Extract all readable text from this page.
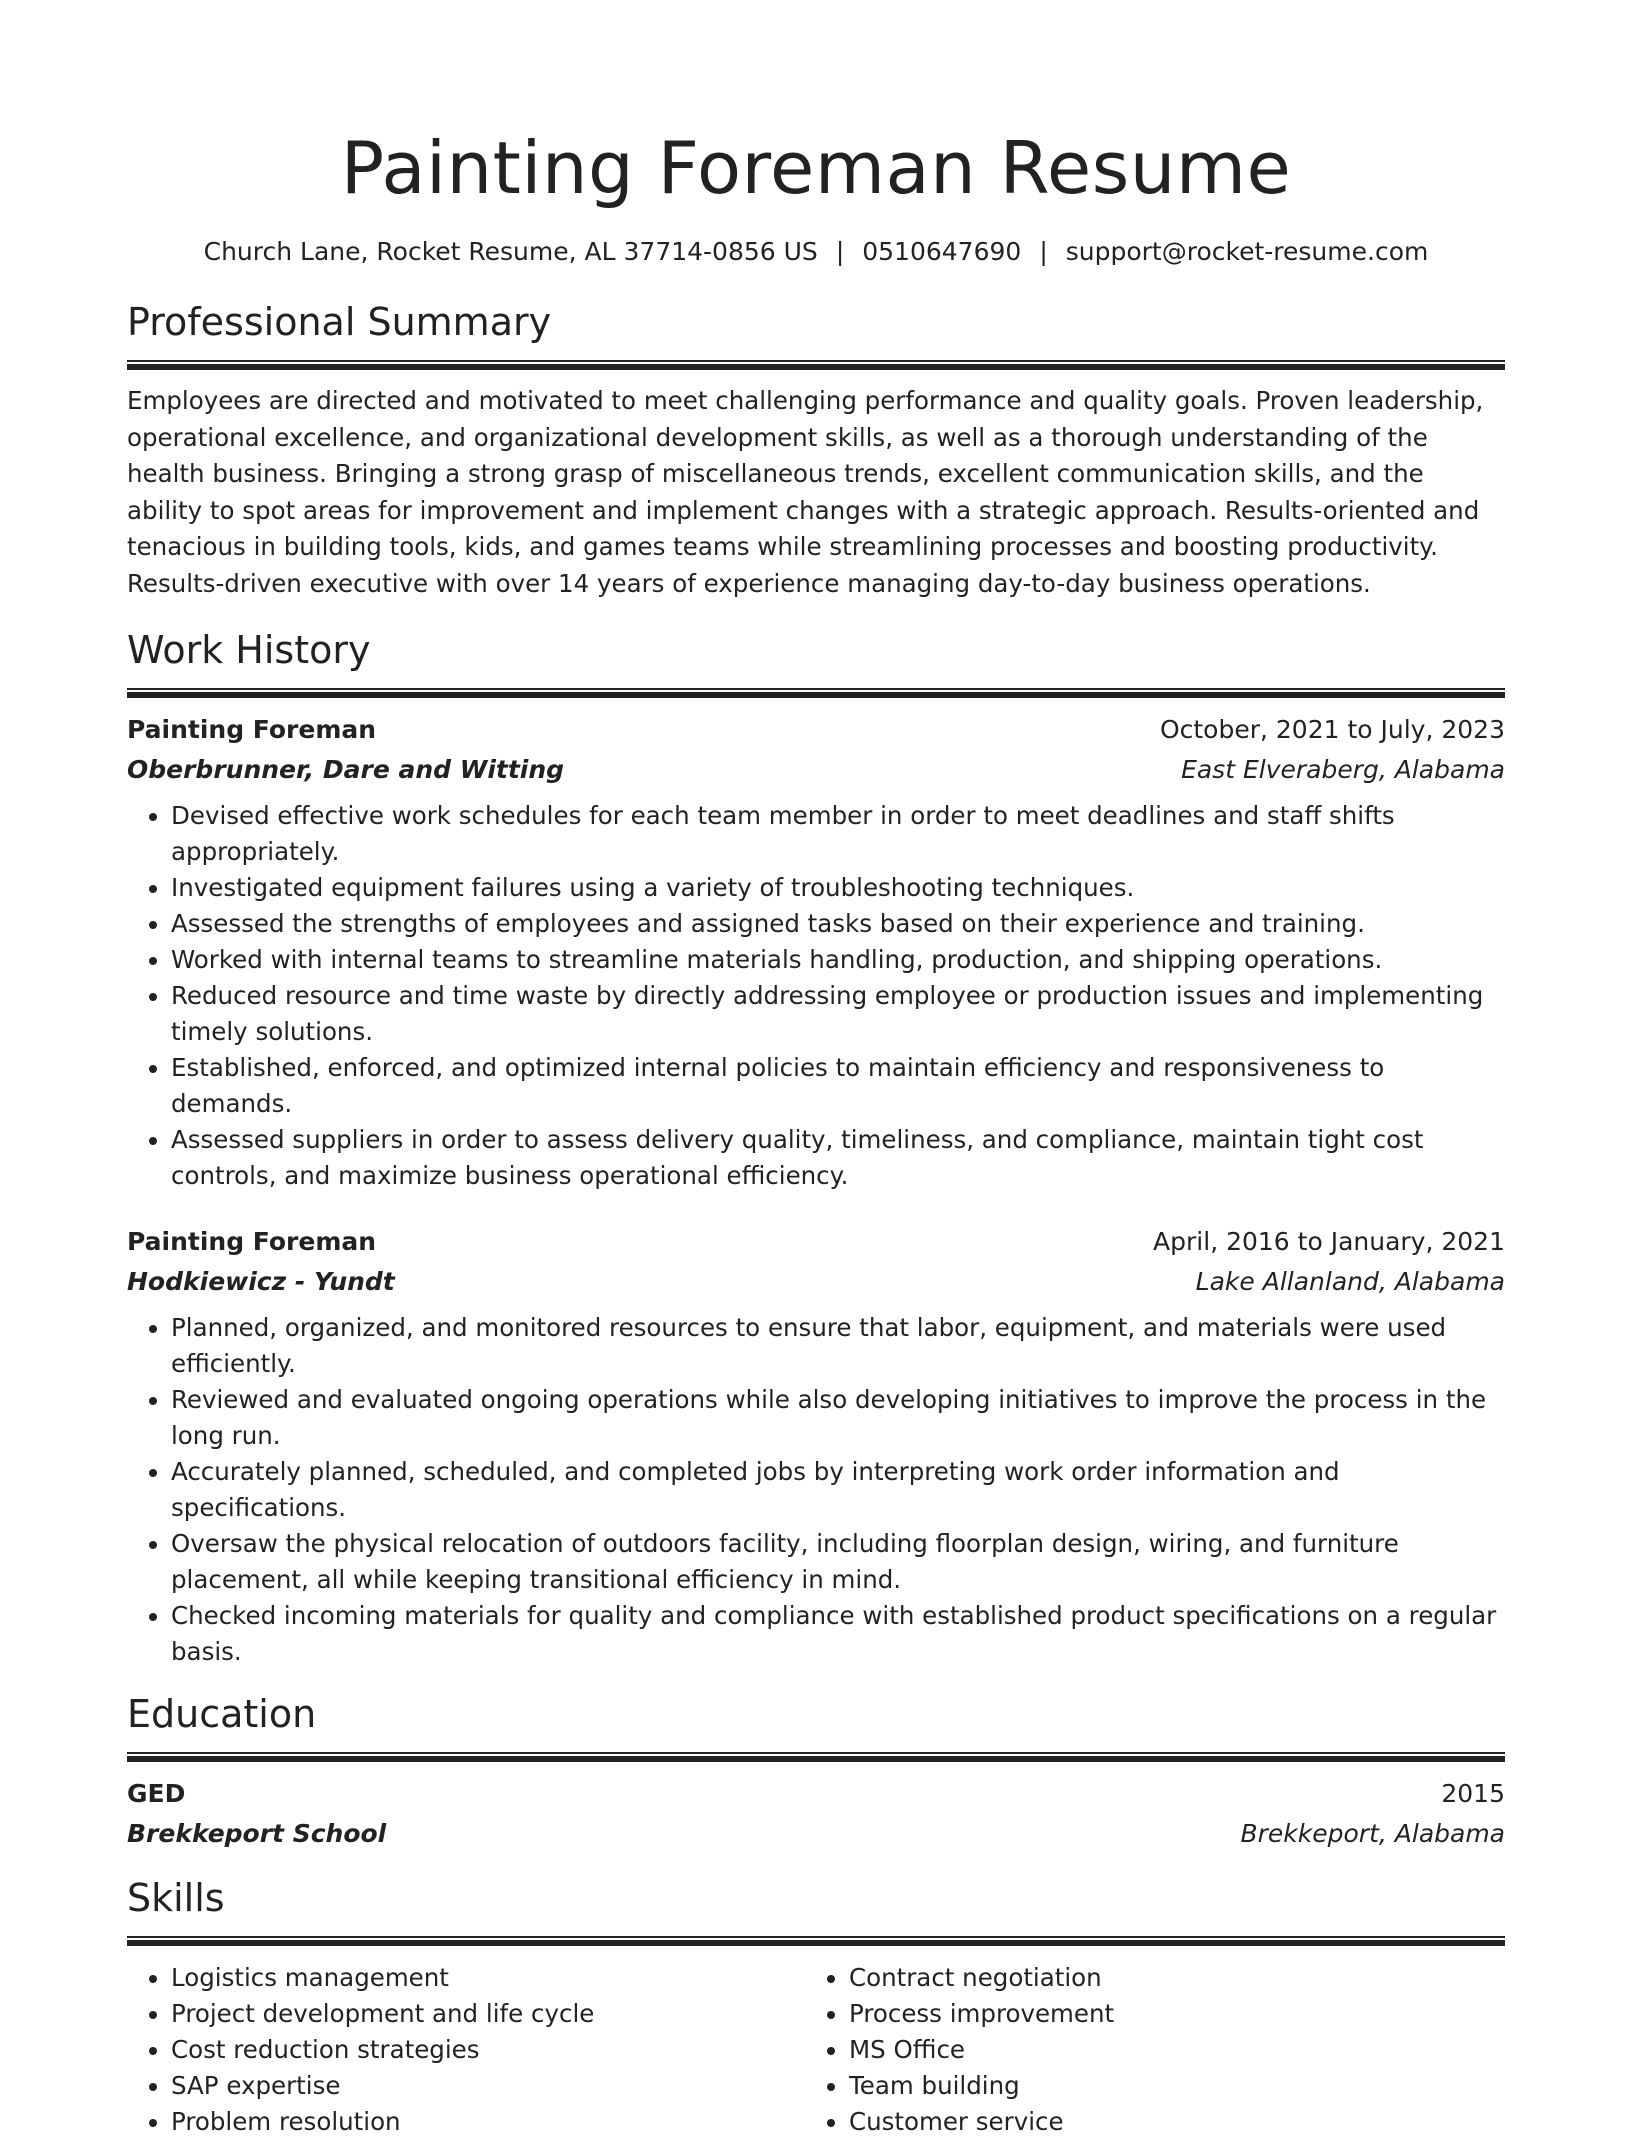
Painting Foreman Resume
Church Lane, Rocket Resume, AL 37714-0856 US | 0510647690 | support@rocket-resume.com
Professional Summary

Employees are directed and motivated to meet challenging performance and quality goals. Proven leadership, operational excellence, and organizational development skills, as well as a thorough understanding of the health business. Bringing a strong grasp of miscellaneous trends, excellent communication skills, and the ability to spot areas for improvement and implement changes with a strategic approach. Results-oriented and tenacious in building tools, kids, and games teams while streamlining processes and boosting productivity. Results-driven executive with over 14 years of experience managing day-to-day business operations.

Work History
Painting Foreman	October, 2021 to July, 2023
Oberbrunner, Dare and Witting	East Elveraberg, Alabama
• Devised effective work schedules for each team member in order to meet deadlines and staff shifts appropriately.
• Investigated equipment failures using a variety of troubleshooting techniques.
• Assessed the strengths of employees and assigned tasks based on their experience and training.
• Worked with internal teams to streamline materials handling, production, and shipping operations.
• Reduced resource and time waste by directly addressing employee or production issues and implementing timely solutions.
• Established, enforced, and optimized internal policies to maintain efficiency and responsiveness to demands.
• Assessed suppliers in order to assess delivery quality, timeliness, and compliance, maintain tight cost controls, and maximize business operational efficiency.
Painting Foreman	April, 2016 to January, 2021
Hodkiewicz - Yundt	Lake Allanland, Alabama
• Planned, organized, and monitored resources to ensure that labor, equipment, and materials were used efficiently.
• Reviewed and evaluated ongoing operations while also developing initiatives to improve the process in the long run.
• Accurately planned, scheduled, and completed jobs by interpreting work order information and specifications.
• Oversaw the physical relocation of outdoors facility, including floorplan design, wiring, and furniture placement, all while keeping transitional efficiency in mind.
• Checked incoming materials for quality and compliance with established product specifications on a regular basis.
Education
GED	2015
Brekkeport School	Brekkeport, Alabama
Skills
• Logistics management
• Project development and life cycle
• Cost reduction strategies
• SAP expertise
• Problem resolution
• Contract negotiation
• Process improvement
• MS Office
• Team building
• Customer service
